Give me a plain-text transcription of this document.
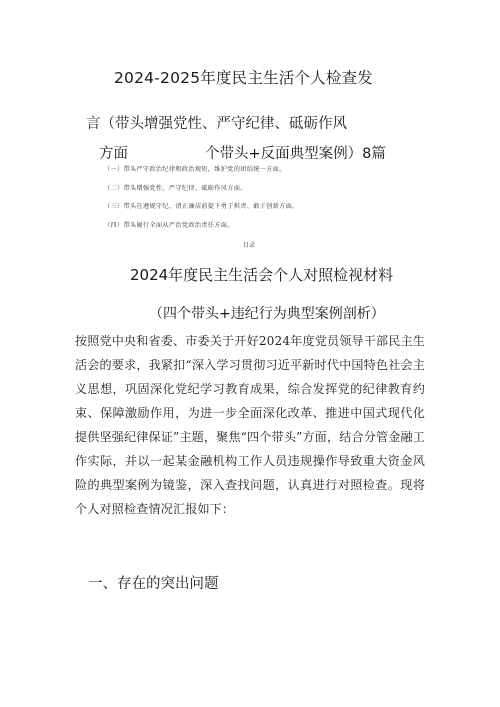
2024-2025年度民主生活个人检查发
言（带头增强党性、严守纪律、砥砺作风
方面	个带头+反面典型案例）8篇
（一）带头严守政治纪律和政治规矩，维护党的团结统一方面。
（二）带头增强党性、严守纪律、砥砺作风方面。
（三）带头在遵规守纪、清正廉洁前提下勇于担责、敢于创新方面。
（四）带头履行全面从严治党政治责任方面。
目录
2024年度民主生活会个人对照检视材料
（四个带头+违纪行为典型案例剖析）
按照党中央和省委、市委关于开好2024年度党员领导干部民主生活会的要求，我紧扣“深入学习贯彻习近平新时代中国特色社会主义思想，巩固深化党纪学习教育成果，综合发挥党的纪律教育约束、保障激励作用，为进一步全面深化改革、推进中国式现代化提供坚强纪律保证”主题，聚焦“四个带头”方面，结合分管金融工作实际，并以一起某金融机构工作人员违规操作导致重大资金风险的典型案例为镜鉴，深入查找问题，认真进行对照检查。现将个人对照检查情况汇报如下：
一、存在的突出问题
